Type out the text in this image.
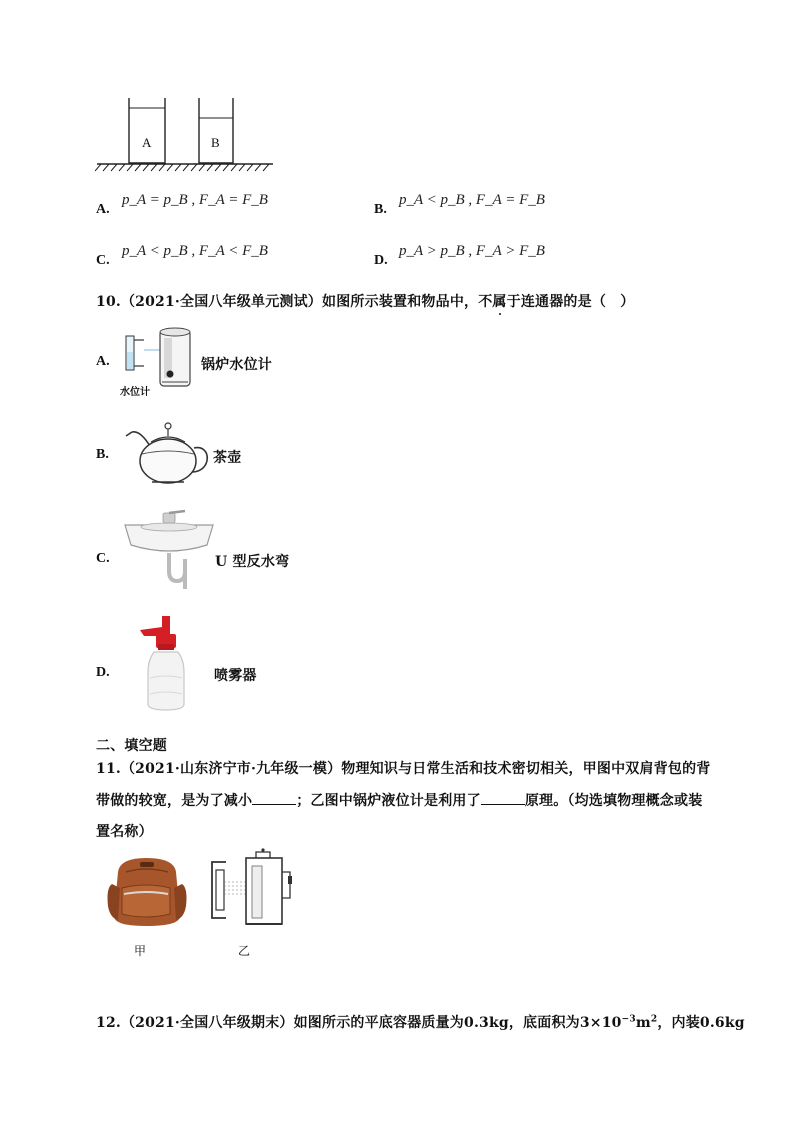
A	B
A.
p_A = p_B , F_A = F_B
B.
p_A < p_B , F_A = F_B
C.
p_A < p_B , F_A < F_B
D.
p_A > p_B , F_A > F_B
10.（2021·全国八年级单元测试）如图所示装置和物品中，不属于连通器的是（　）
A.
水位计
锅炉水位计
B.	茶壶
C.	U 型反水弯
D.	喷雾器
二、填空题
11.（2021·山东济宁市·九年级一模）物理知识与日常生活和技术密切相关，甲图中双肩背包的背
带做的较宽，是为了减小	；乙图中锅炉液位计是利用了	原理。（均选填物理概念或装
置名称）
甲	乙
12.（2021·全国八年级期末）如图所示的平底容器质量为0.3kg，底面积为$3\times 10^{-3}m^2$，内装0.6kg
